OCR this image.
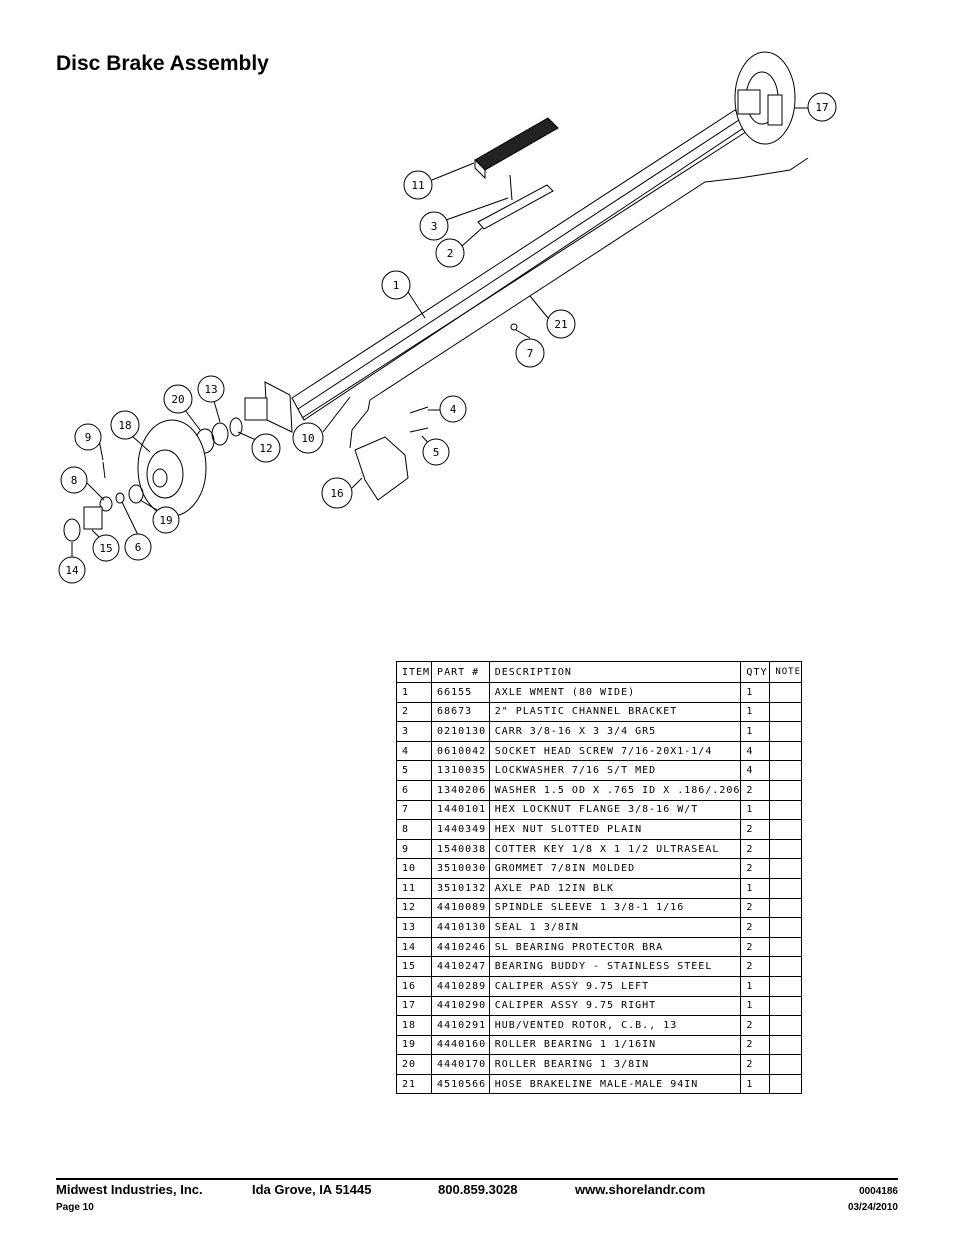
Disc Brake Assembly
1
2
3
4
5
6
7
8
9	10
11
12
13
14
15
16
17
18
19
20
21
ITEM	PART #	DESCRIPTION	QTY	NOTE
1	66155	AXLE WMENT (80 WIDE)	1	
2	68673	2" PLASTIC CHANNEL BRACKET	1	
3	0210130	CARR 3/8-16 X 3 3/4 GR5	1	
4	0610042	SOCKET HEAD SCREW 7/16-20X1-1/4	4	
5	1310035	LOCKWASHER 7/16 S/T MED	4	
6	1340206	WASHER 1.5 OD X .765 ID X .186/.206	2	
7	1440101	HEX LOCKNUT FLANGE 3/8-16 W/T	1	
8	1440349	HEX NUT SLOTTED PLAIN	2	
9	1540038	COTTER KEY 1/8 X 1 1/2 ULTRASEAL	2	
10	3510030	GROMMET 7/8IN MOLDED	2	
11	3510132	AXLE PAD 12IN BLK	1	
12	4410089	SPINDLE SLEEVE 1 3/8-1 1/16	2	
13	4410130	SEAL 1 3/8IN	2	
14	4410246	SL BEARING PROTECTOR BRA	2	
15	4410247	BEARING BUDDY - STAINLESS STEEL	2	
16	4410289	CALIPER ASSY 9.75 LEFT	1	
17	4410290	CALIPER ASSY 9.75 RIGHT	1	
18	4410291	HUB/VENTED ROTOR, C.B., 13	2	
19	4440160	ROLLER BEARING 1 1/16IN	2	
20	4440170	ROLLER BEARING 1 3/8IN	2	
21	4510566	HOSE BRAKELINE MALE-MALE 94IN	1	
Midwest Industries, Inc.	Ida Grove, IA 51445	800.859.3028	www.shorelandr.com	0004186
Page 10	03/24/2010
